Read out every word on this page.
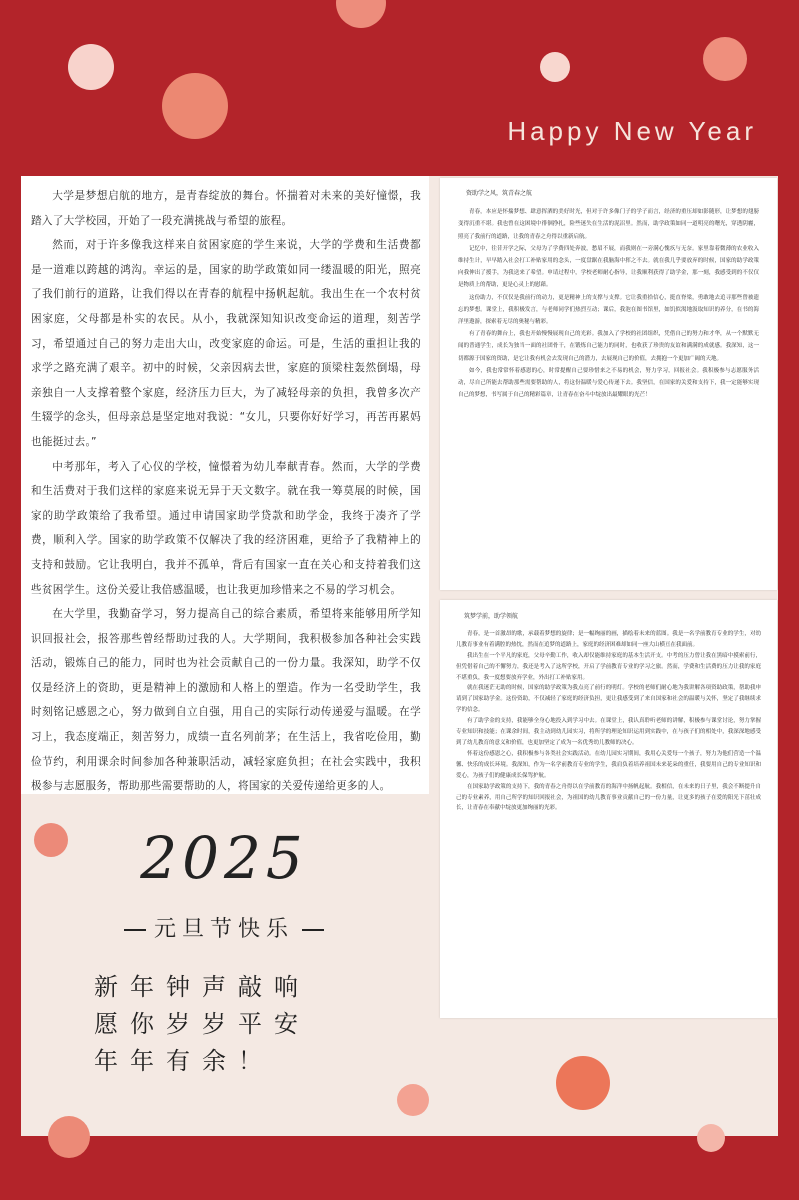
Happy New Year

大学是梦想启航的地方，是青春绽放的舞台。怀揣着对未来的美好憧憬，我踏入了大学校园，开始了一段充满挑战与希望的旅程。

然而，对于许多像我这样来自贫困家庭的学生来说，大学的学费和生活费都是一道难以跨越的鸿沟。幸运的是，国家的助学政策如同一缕温暖的阳光，照亮了我们前行的道路，让我们得以在青春的航程中扬帆起航。我出生在一个农村贫困家庭，父母都是朴实的农民。从小，我就深知知识改变命运的道理，刻苦学习，希望通过自己的努力走出大山，改变家庭的命运。可是，生活的重担让我的求学之路充满了艰辛。初中的时候，父亲因病去世，家庭的顶梁柱轰然倒塌，母亲独自一人支撑着整个家庭，经济压力巨大，为了减轻母亲的负担，我曾多次产生辍学的念头，但母亲总是坚定地对我说：“女儿，只要你好好学习，再苦再累妈也能挺过去。”

中考那年，考入了心仪的学校，憧憬着为幼儿奉献青春。然而，大学的学费和生活费对于我们这样的家庭来说无异于天文数字。就在我一筹莫展的时候，国家的助学政策给了我希望。通过申请国家助学贷款和助学金，我终于凑齐了学费，顺利入学。国家的助学政策不仅解决了我的经济困难，更给予了我精神上的支持和鼓励。它让我明白，我并不孤单，背后有国家一直在关心和支持着我们这些贫困学生。这份关爱让我倍感温暖，也让我更加珍惜来之不易的学习机会。

在大学里，我勤奋学习，努力提高自己的综合素质，希望将来能够用所学知识回报社会，报答那些曾经帮助过我的人。大学期间，我积极参加各种社会实践活动，锻炼自己的能力，同时也为社会贡献自己的一份力量。我深知，助学不仅仅是经济上的资助，更是精神上的激励和人格上的塑造。作为一名受助学生，我时刻铭记感恩之心，努力做到自立自强，用自己的实际行动传递爱与温暖。在学习上，我态度端正，刻苦努力，成绩一直名列前茅；在生活上，我省吃俭用，勤俭节约，利用课余时间参加各种兼职活动，减轻家庭负担；在社会实践中，我积极参与志愿服务，帮助那些需要帮助的人，将国家的关爱传递给更多的人。

资助学之风，筑青春之航

青春，本应是怀揣梦想、肆意挥洒的美好时光，但对于许多像门子的学子而言，经济的重压却如影随形，让梦想的翅膀变得沉重不堪。我也曾在这困境中徘徊挣扎，险些迷失在生活的泥沼里。然而，助学政策如同一道明亮的曙光，穿透阴霾，照亮了我前行的道路，让我的青春之舟得以重新启航。

记忆中，往昔开学之际，父母为了学费四处奔波，愁眉不展，而我则在一旁满心愧疚与无奈。家里靠着微薄的农业收入维持生计，早早踏入社会打工补贴家用的念头，一度盘踞在我脑海中挥之不去。就在我几乎要放弃的时候，国家的助学政策向我伸出了援手，为我送来了希望。申请过程中，学校老师耐心指导，让我顺利获得了助学金，那一刻，我感受到的不仅仅是物质上的帮助，更是心灵上的慰藉。

这份助力，不仅仅是我前行的动力，更是精神上的支撑与支撑。它让我重拾信心，挺直脊梁，勇敢地去追寻那些曾被遗忘的梦想。课堂上，我积极发言，与老师同学们热烈互动；课后，我泡在图书馆里，如饥似渴地汲取知识的养分，在书的海洋里遨游，探索着无尽的奥秘与精彩。

有了青春的舞台上，我也开始慢慢展现自己的光彩。我加入了学校的社团组织，凭借自己的努力和才华，从一个默默无闻的普通学生，成长为独当一面的社团骨干，在锻炼自己能力的同时，也收获了珍贵的友谊和满满的成就感。我深知，这一切都源于国家的资助，是它让我有机会去发现自己的潜力，去展现自己的价值，去拥抱一个更加广阔的天地。

如今，我也常常怀着感恩的心，时常提醒自己要珍惜来之不易的机会，努力学习，回报社会。我积极参与志愿服务活动，尽自己所能去帮助那些需要帮助的人，将这份温暖与爱心传递下去。我坚信，在国家的关爱和支持下，我一定能够实现自己的梦想，书写属于自己的精彩篇章，让青春在奋斗中绽放出最耀眼的光芒！

筑梦学前，助学领航

青春，是一首激昂的歌，承载着梦想的旋律；是一幅绚丽的画，描绘着未来的蓝图。我是一名学前教育专业的学生，对幼儿教育事业有着满腔的热忱，然而在追梦的道路上，家庭的经济困难却如同一座大山横亘在我面前。

我出生在一个平凡的家庭，父母辛勤工作，收入却仅能维持家庭的基本生活开支。中考的压力曾让我在黑暗中摸索前行，但凭借着自己的不懈努力，我还是考入了这所学校，开启了学前教育专业的学习之旅。然而，学费和生活费的压力让我的家庭不堪重负，我一度想要放弃学业，外出打工补贴家用。

就在我迷茫无助的时候，国家的助学政策为我点亮了前行的明灯。学校的老师们耐心地为我讲解各项资助政策，帮助我申请到了国家助学金。这份资助，不仅减轻了家庭的经济负担，更让我感受到了来自国家和社会的温暖与关怀，坚定了我继续求学的信念。

有了助学金的支持，我能够全身心地投入到学习中去。在课堂上，我认真聆听老师的讲解，积极参与课堂讨论，努力掌握专业知识和技能；在课余时间，我主动到幼儿园实习，将所学的理论知识运用到实践中，在与孩子们的相处中，我深深地感受到了幼儿教育的意义和价值，也更加坚定了成为一名优秀幼儿教师的决心。

怀着这份感恩之心，我积极参与各类社会实践活动。在幼儿园实习期间，我用心关爱每一个孩子，努力为他们营造一个温馨、快乐的成长环境。我深知，作为一名学前教育专业的学生，我肩负着培养祖国未来花朵的重任，我要用自己的专业知识和爱心，为孩子们的健康成长保驾护航。

在国家助学政策的支持下，我的青春之舟得以在学前教育的海洋中扬帆起航。我相信，在未来的日子里，我会不断提升自己的专业素养，用自己所学的知识回报社会，为祖国的幼儿教育事业贡献自己的一份力量，让更多的孩子在爱的阳光下茁壮成长，让青春在奉献中绽放更加绚丽的光彩。

2025
元旦节快乐
新年钟声敲响
愿你岁岁平安
年年有余！
